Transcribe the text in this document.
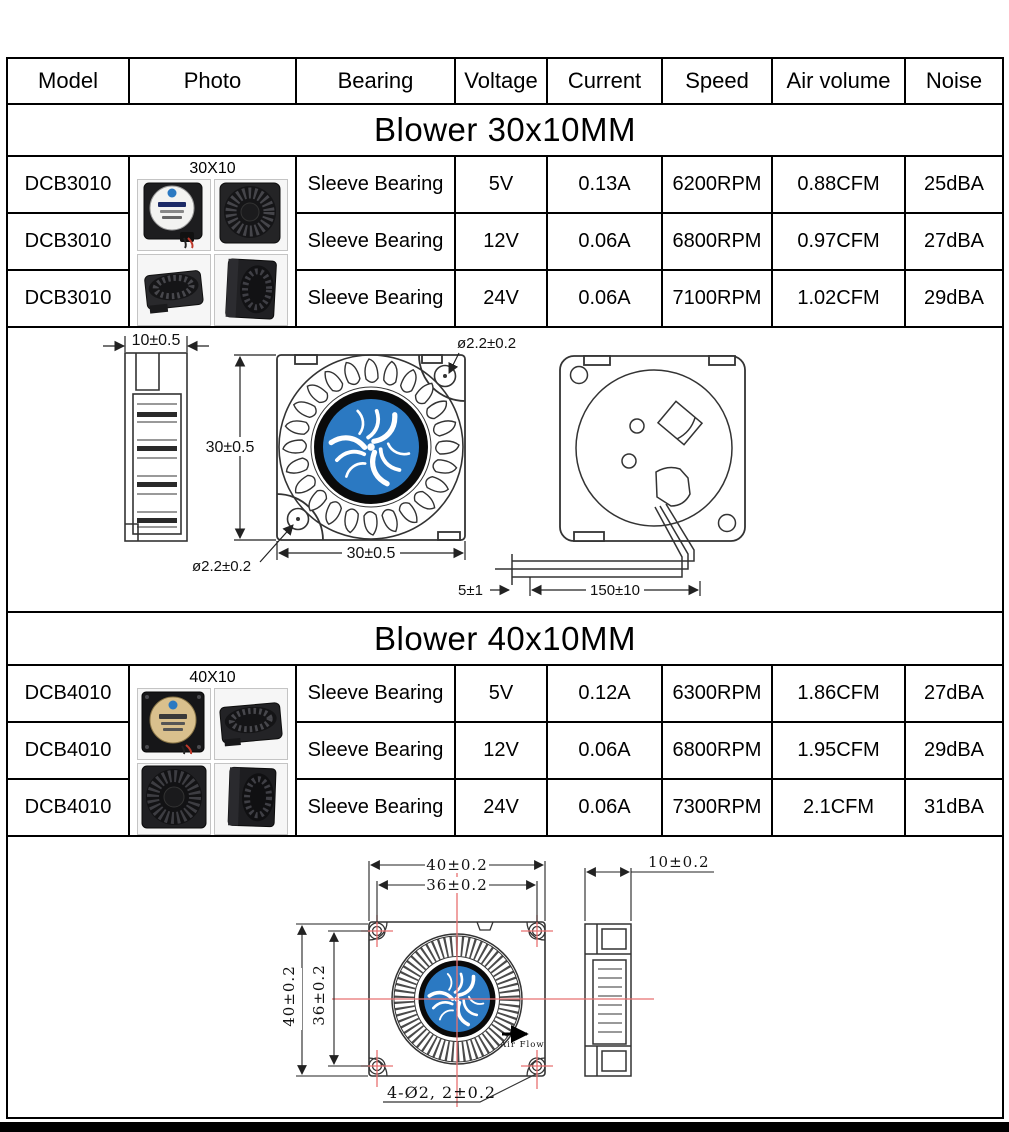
Model	Photo	Bearing	Voltage	Current	Speed	Air volume	Noise
Blower 30x10MM							
DCB3010	30X10	Sleeve Bearing	5V	0.13A	6200RPM	0.88CFM	25dBA
DCB3010		Sleeve Bearing	12V	0.06A	6800RPM	0.97CFM	27dBA
DCB3010		Sleeve Bearing	24V	0.06A	7100RPM	1.02CFM	29dBA

10±0.5
30±0.5
30±0.5
ø2.2±0.2
ø2.2±0.2
150±10
5±1

Blower 40x10MM							
DCB4010	40X10	Sleeve Bearing	5V	0.12A	6300RPM	1.86CFM	27dBA
DCB4010		Sleeve Bearing	12V	0.06A	6800RPM	1.95CFM	29dBA
DCB4010		Sleeve Bearing	24V	0.06A	7300RPM	2.1CFM	31dBA

40±0.2
36±0.2
40±0.2 36±0.2
10±0.2
Air Flow
4-Ø2, 2±0.2
